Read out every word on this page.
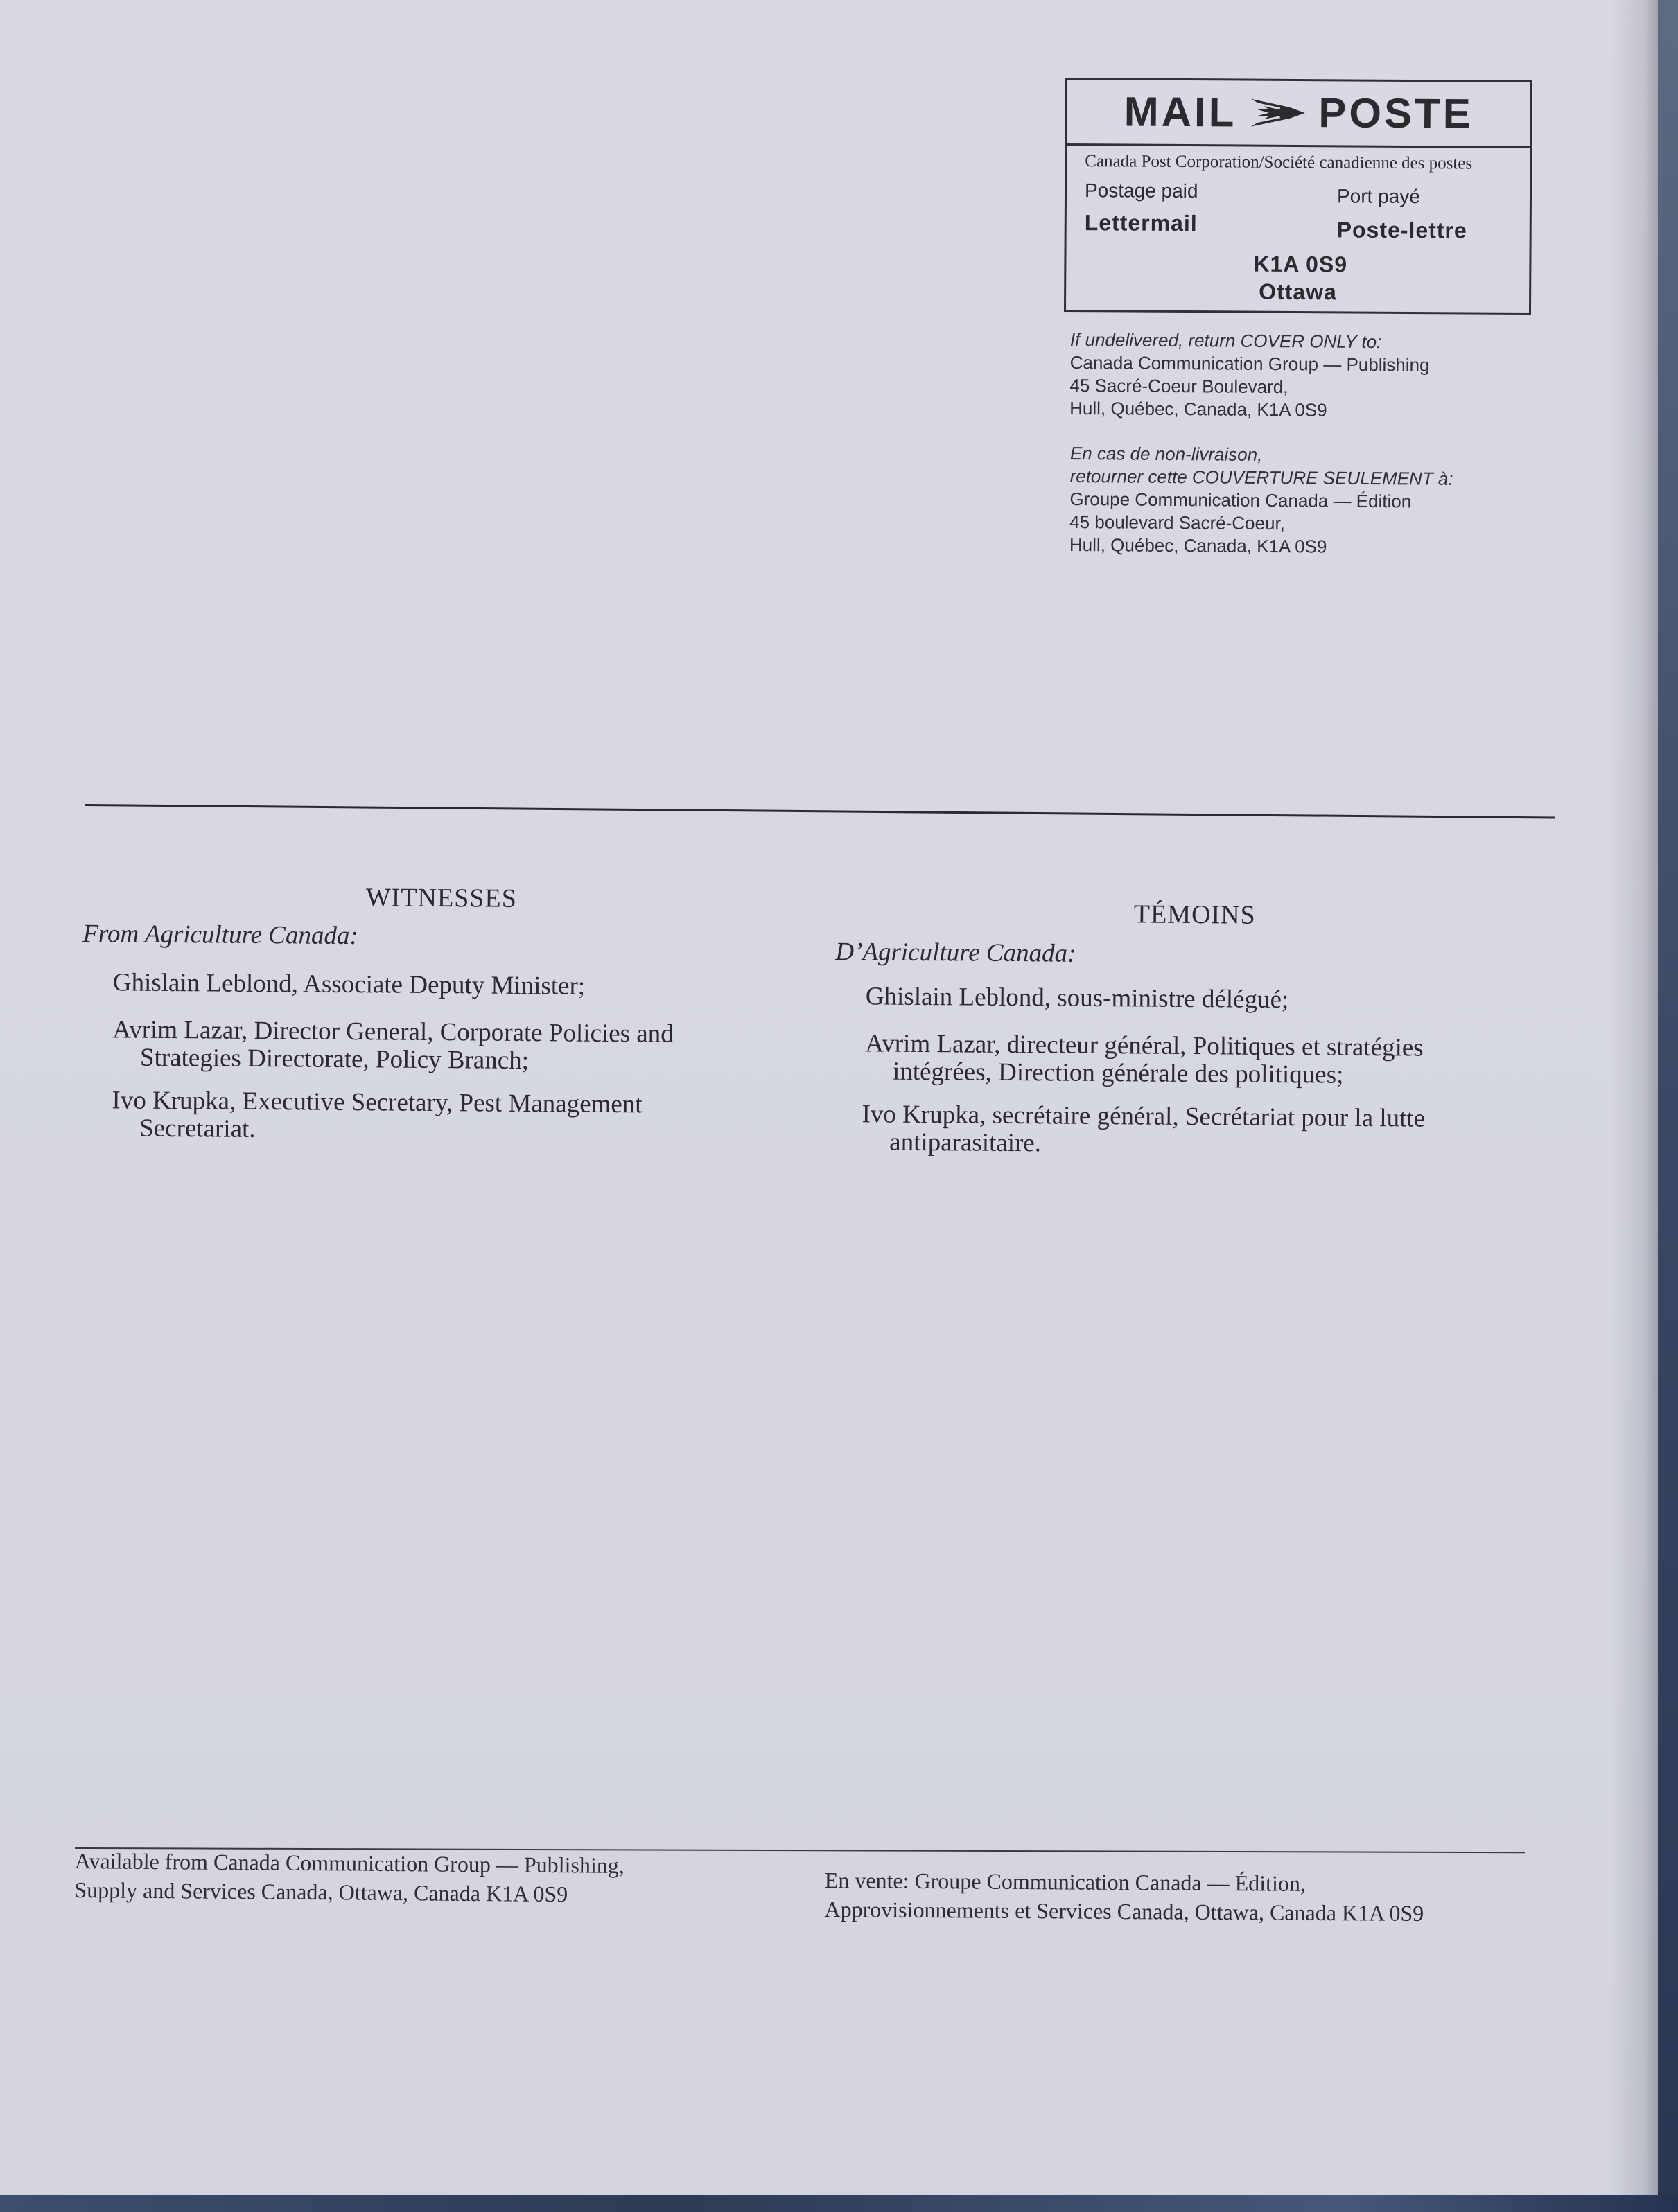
MAIL POSTE
Canada Post Corporation/Société canadienne des postes
Postage paid	Port payé
Lettermail	Poste-lettre
K1A 0S9
Ottawa
If undelivered, return COVER ONLY to:
Canada Communication Group — Publishing
45 Sacré-Coeur Boulevard,
Hull, Québec, Canada, K1A 0S9
En cas de non-livraison,
retourner cette COUVERTURE SEULEMENT à:
Groupe Communication Canada — Édition
45 boulevard Sacré-Coeur,
Hull, Québec, Canada, K1A 0S9
WITNESSES
From Agriculture Canada:
Ghislain Leblond, Associate Deputy Minister;
Avrim Lazar, Director General, Corporate Policies and
Strategies Directorate, Policy Branch;
Ivo Krupka, Executive Secretary, Pest Management
Secretariat.
TÉMOINS
D’Agriculture Canada:
Ghislain Leblond, sous-ministre délégué;
Avrim Lazar, directeur général, Politiques et stratégies
intégrées, Direction générale des politiques;
Ivo Krupka, secrétaire général, Secrétariat pour la lutte
antiparasitaire.
Available from Canada Communication Group — Publishing,
Supply and Services Canada, Ottawa, Canada K1A 0S9	En vente: Groupe Communication Canada — Édition,
Approvisionnements et Services Canada, Ottawa, Canada K1A 0S9
